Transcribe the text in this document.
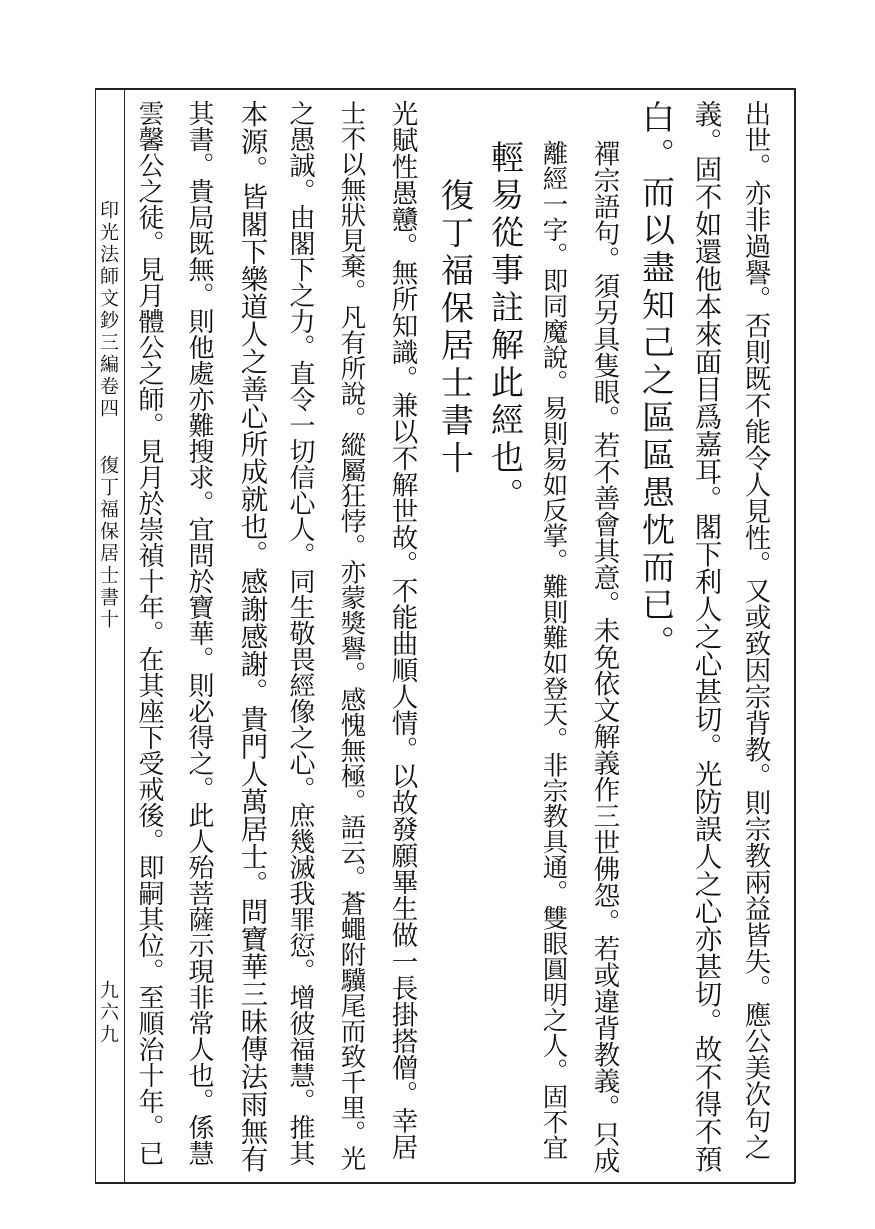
印光法師文鈔三編卷四
復丁福保居士書十
九六九	出世。亦非過譽。否則既不能令人見性。又或致因宗背教。則宗教兩益皆失。應公美次句之
義。固不如還他本來面目爲嘉耳。閣下利人之心甚切。光防誤人之心亦甚切。故不得不預
白。而以盡知己之區區愚忱而已。
禪宗語句。須另具隻眼。若不善會其意。未免依文解義作三世佛怨。若或違背教義。只成
離經一字。即同魔說。易則易如反掌。難則難如登天。非宗教具通。雙眼圓明之人。固不宜
輕易從事註解此經也。
復丁福保居士書十
光賦性愚戇。無所知識。兼以不解世故。不能曲順人情。以故發願畢生做一長掛搭僧。幸居
士不以無狀見棄。凡有所說。縱屬狂悖。亦蒙獎譽。感愧無極。語云。蒼蠅附驥尾而致千里。光
之愚誠。由閣下之力。直令一切信心人。同生敬畏經像之心。庶幾滅我罪愆。增彼福慧。推其
本源。皆閣下樂道人之善心所成就也。感謝感謝。貴門人萬居士。問寶華三昧傳法雨無有
其書。貴局既無。則他處亦難搜求。宜問於寶華。則必得之。此人殆菩薩示現非常人也。係慧
雲馨公之徒。見月體公之師。見月於崇禎十年。在其座下受戒後。即嗣其位。至順治十年。已
